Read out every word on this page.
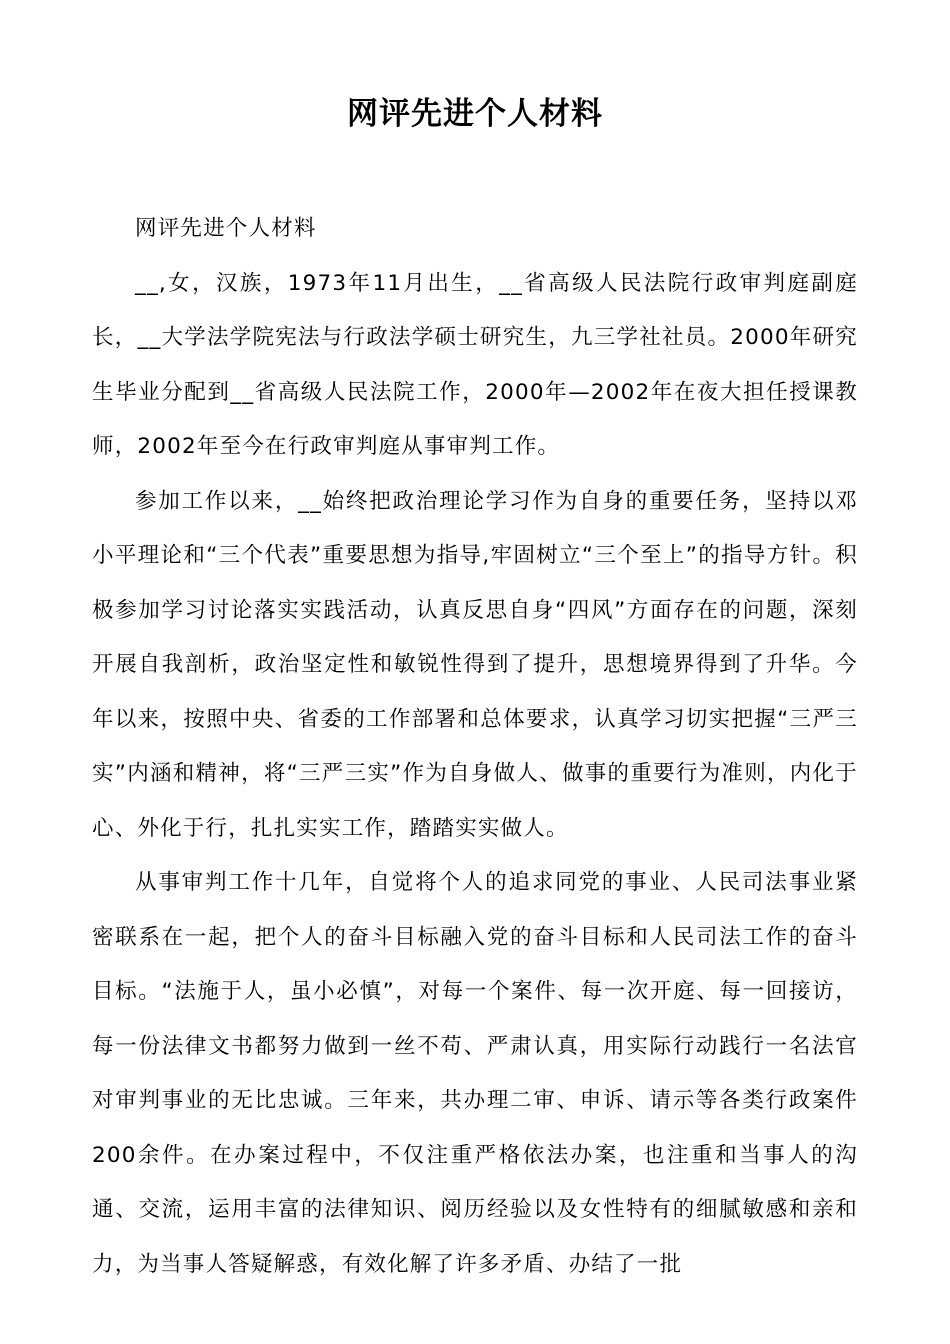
网评先进个人材料

网评先进个人材料

__,女，汉族，1973年11月出生，__省高级人民法院行政审判庭副庭长，__大学法学院宪法与行政法学硕士研究生，九三学社社员。2000年研究生毕业分配到__省高级人民法院工作，2000年—2002年在夜大担任授课教师，2002年至今在行政审判庭从事审判工作。

参加工作以来，__始终把政治理论学习作为自身的重要任务，坚持以邓小平理论和“三个代表”重要思想为指导,牢固树立“三个至上”的指导方针。积极参加学习讨论落实实践活动，认真反思自身“四风”方面存在的问题，深刻开展自我剖析，政治坚定性和敏锐性得到了提升，思想境界得到了升华。今年以来，按照中央、省委的工作部署和总体要求，认真学习切实把握“三严三实”内涵和精神，将“三严三实”作为自身做人、做事的重要行为准则，内化于心、外化于行，扎扎实实工作，踏踏实实做人。

从事审判工作十几年，自觉将个人的追求同党的事业、人民司法事业紧密联系在一起，把个人的奋斗目标融入党的奋斗目标和人民司法工作的奋斗目标。“法施于人，虽小必慎”，对每一个案件、每一次开庭、每一回接访，每一份法律文书都努力做到一丝不苟、严肃认真，用实际行动践行一名法官对审判事业的无比忠诚。三年来，共办理二审、申诉、请示等各类行政案件200余件。在办案过程中，不仅注重严格依法办案，也注重和当事人的沟通、交流，运用丰富的法律知识、阅历经验以及女性特有的细腻敏感和亲和力，为当事人答疑解惑，有效化解了许多矛盾、办结了一批
